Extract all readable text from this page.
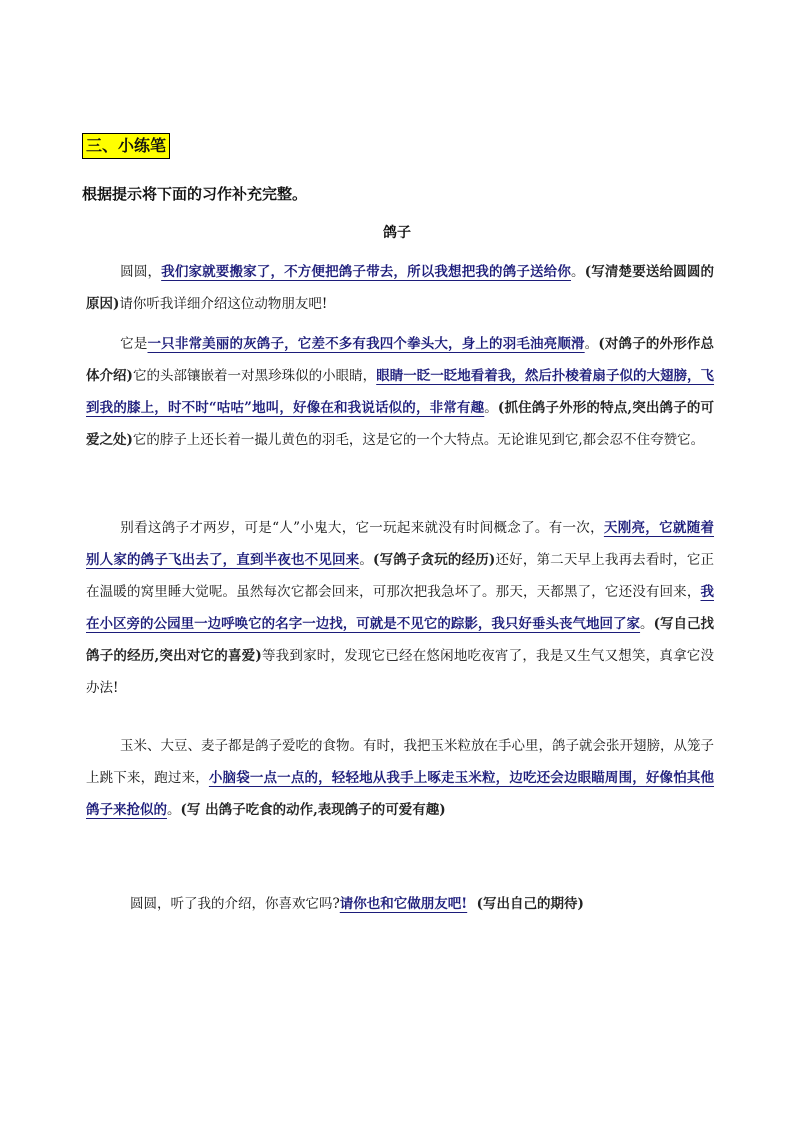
三、小练笔
根据提示将下面的习作补充完整。
鸽子
圆圆，我们家就要搬家了，不方便把鸽子带去，所以我想把我的鸽子送给你。(写清楚要送给圆圆的原因)请你听我详细介绍这位动物朋友吧!
它是一只非常美丽的灰鸽子，它差不多有我四个拳头大，身上的羽毛油亮顺滑。(对鸽子的外形作总体介绍)它的头部镶嵌着一对黑珍珠似的小眼睛，眼睛一眨一眨地看着我，然后扑棱着扇子似的大翅膀，飞到我的膝上，时不时“咕咕”地叫，好像在和我说话似的，非常有趣。(抓住鸽子外形的特点,突出鸽子的可爱之处)它的脖子上还长着一撮儿黄色的羽毛，这是它的一个大特点。无论谁见到它,都会忍不住夸赞它。
别看这鸽子才两岁，可是“人”小鬼大，它一玩起来就没有时间概念了。有一次，天刚亮，它就随着别人家的鸽子飞出去了，直到半夜也不见回来。(写鸽子贪玩的经历)还好，第二天早上我再去看时，它正在温暖的窝里睡大觉呢。虽然每次它都会回来，可那次把我急坏了。那天，天都黑了，它还没有回来，我 在小区旁的公园里一边呼唤它的名字一边找，可就是不见它的踪影，我只好垂头丧气地回了家。(写自己找鸽子的经历,突出对它的喜爱)等我到家时，发现它已经在悠闲地吃夜宵了，我是又生气又想笑，真拿它没办法!
玉米、大豆、麦子都是鸽子爱吃的食物。有时，我把玉米粒放在手心里，鸽子就会张开翅膀，从笼子上跳下来，跑过来，小脑袋一点一点的，轻轻地从我手上啄走玉米粒，边吃还会边眼瞄周围，好像怕其他鸽子来抢似的。(写 出鸽子吃食的动作,表现鸽子的可爱有趣)
圆圆，听了我的介绍，你喜欢它吗?请你也和它做朋友吧!  (写出自己的期待)
